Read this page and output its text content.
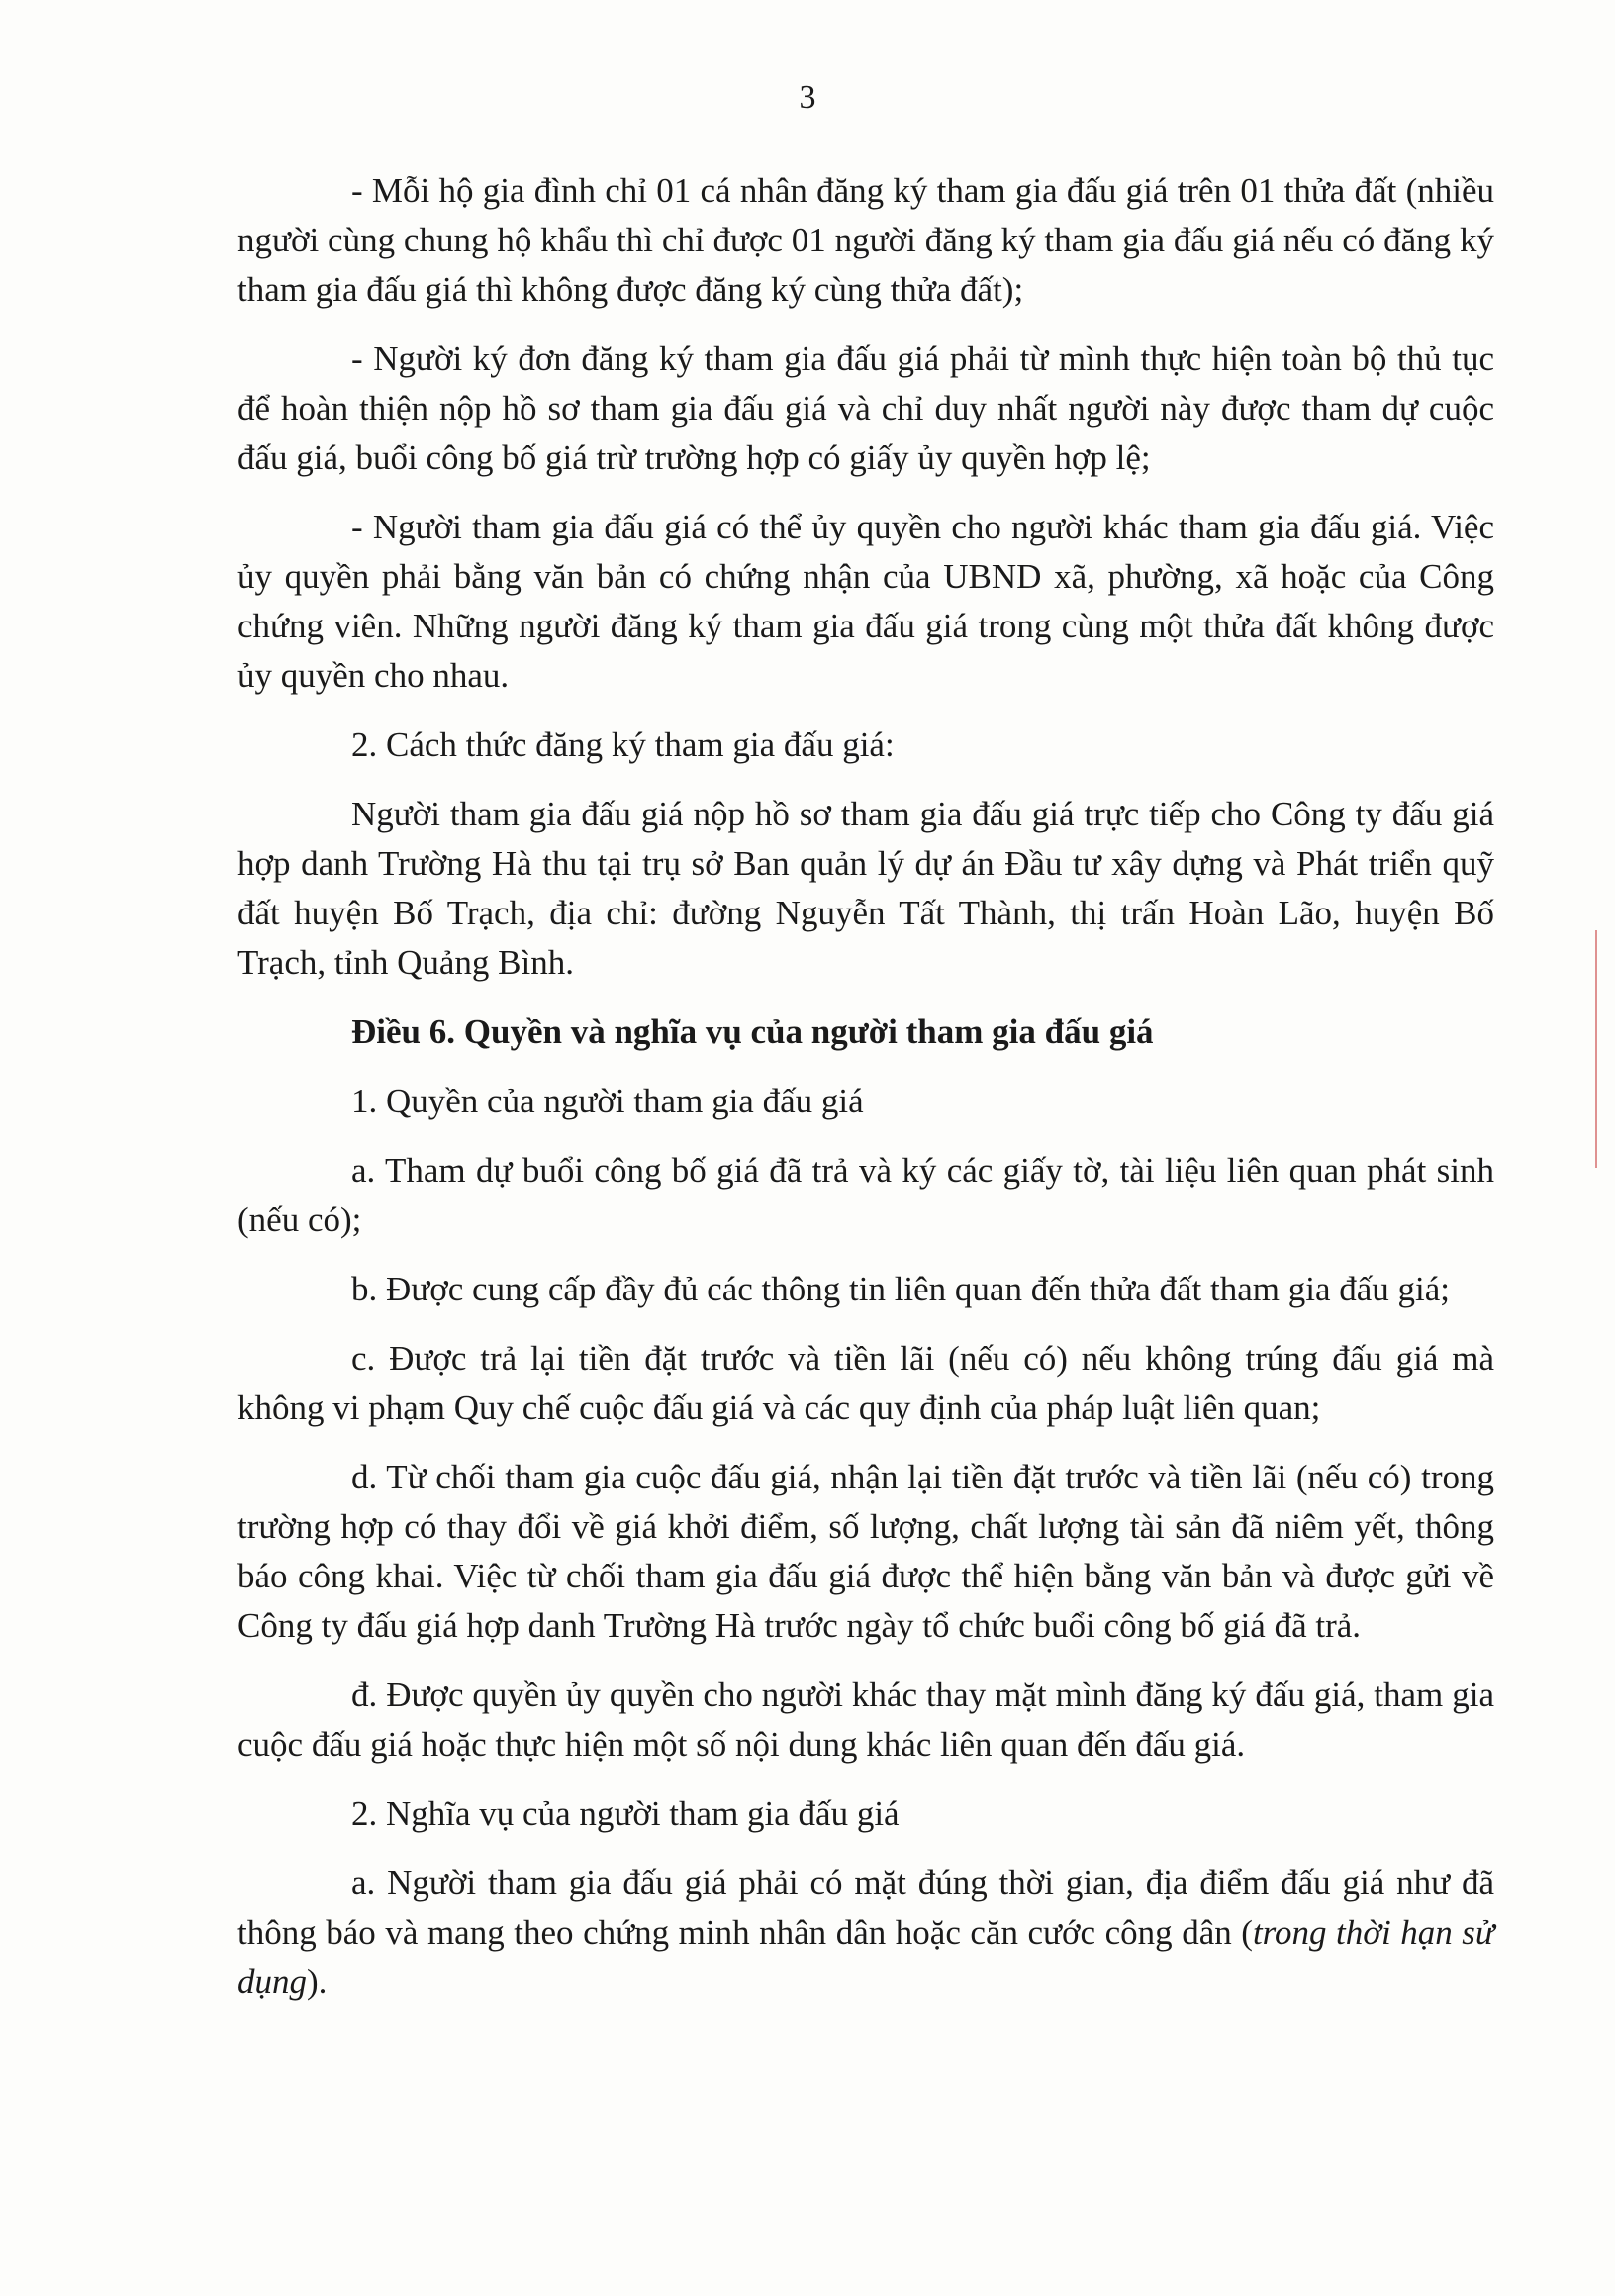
3

- Mỗi hộ gia đình chỉ 01 cá nhân đăng ký tham gia đấu giá trên 01 thửa đất (nhiều người cùng chung hộ khẩu thì chỉ được 01 người đăng ký tham gia đấu giá nếu có đăng ký tham gia đấu giá thì không được đăng ký cùng thửa đất);

- Người ký đơn đăng ký tham gia đấu giá phải từ mình thực hiện toàn bộ thủ tục để hoàn thiện nộp hồ sơ tham gia đấu giá và chỉ duy nhất người này được tham dự cuộc đấu giá, buổi công bố giá trừ trường hợp có giấy ủy quyền hợp lệ;

- Người tham gia đấu giá có thể ủy quyền cho người khác tham gia đấu giá. Việc ủy quyền phải bằng văn bản có chứng nhận của UBND xã, phường, xã hoặc của Công chứng viên. Những người đăng ký tham gia đấu giá trong cùng một thửa đất không được ủy quyền cho nhau.

2. Cách thức đăng ký tham gia đấu giá:

Người tham gia đấu giá nộp hồ sơ tham gia đấu giá trực tiếp cho Công ty đấu giá hợp danh Trường Hà thu tại trụ sở Ban quản lý dự án Đầu tư xây dựng và Phát triển quỹ đất huyện Bố Trạch, địa chỉ: đường Nguyễn Tất Thành, thị trấn Hoàn Lão, huyện Bố Trạch, tỉnh Quảng Bình.

Điều 6. Quyền và nghĩa vụ của người tham gia đấu giá

1. Quyền của người tham gia đấu giá

a. Tham dự buổi công bố giá đã trả và ký các giấy tờ, tài liệu liên quan phát sinh (nếu có);

b. Được cung cấp đầy đủ các thông tin liên quan đến thửa đất tham gia đấu giá;

c. Được trả lại tiền đặt trước và tiền lãi (nếu có) nếu không trúng đấu giá mà không vi phạm Quy chế cuộc đấu giá và các quy định của pháp luật liên quan;

d. Từ chối tham gia cuộc đấu giá, nhận lại tiền đặt trước và tiền lãi (nếu có) trong trường hợp có thay đổi về giá khởi điểm, số lượng, chất lượng tài sản đã niêm yết, thông báo công khai. Việc từ chối tham gia đấu giá được thể hiện bằng văn bản và được gửi về Công ty đấu giá hợp danh Trường Hà trước ngày tổ chức buổi công bố giá đã trả.

đ. Được quyền ủy quyền cho người khác thay mặt mình đăng ký đấu giá, tham gia cuộc đấu giá hoặc thực hiện một số nội dung khác liên quan đến đấu giá.

2. Nghĩa vụ của người tham gia đấu giá

a. Người tham gia đấu giá phải có mặt đúng thời gian, địa điểm đấu giá như đã thông báo và mang theo chứng minh nhân dân hoặc căn cước công dân (trong thời hạn sử dụng).
